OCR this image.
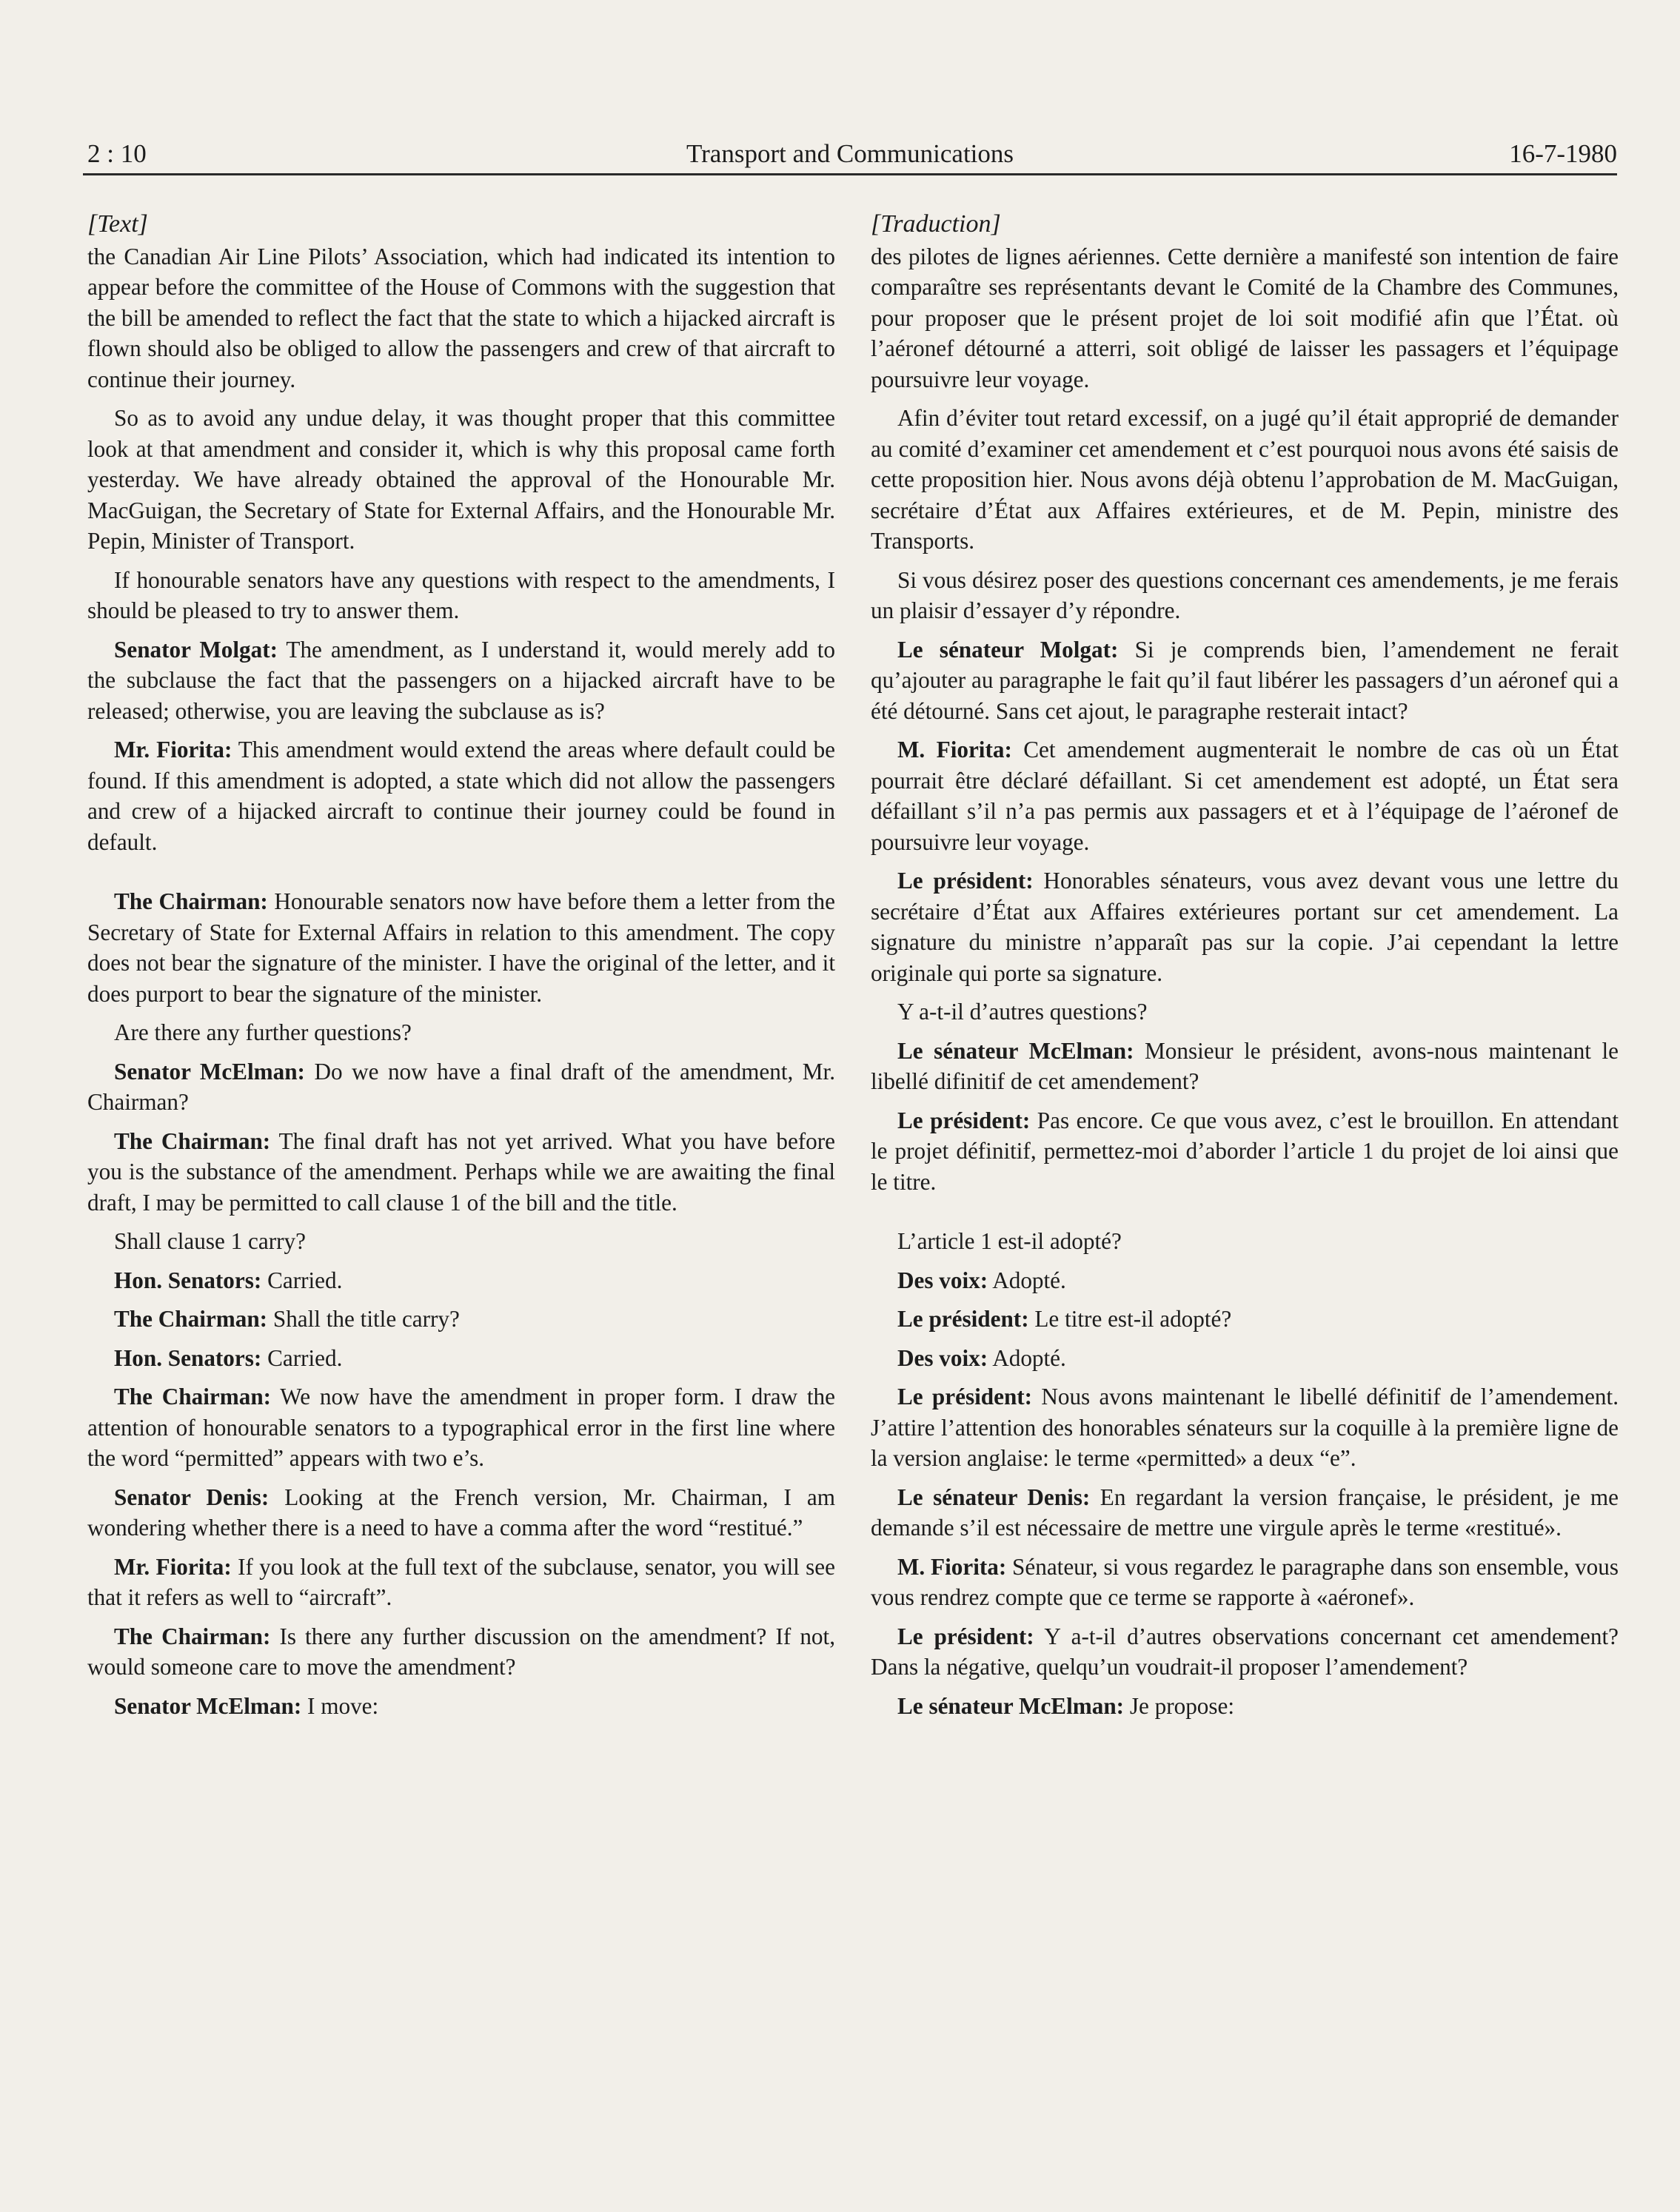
2 : 10	Transport and Communications	16-7-1980
[Text]

the Canadian Air Line Pilots’ Association, which had indicated its intention to appear before the committee of the House of Commons with the suggestion that the bill be amended to reflect the fact that the state to which a hijacked aircraft is flown should also be obliged to allow the passengers and crew of that aircraft to continue their journey.

So as to avoid any undue delay, it was thought proper that this committee look at that amendment and consider it, which is why this proposal came forth yesterday. We have already obtained the approval of the Honourable Mr. MacGuigan, the Secretary of State for External Affairs, and the Honourable Mr. Pepin, Minister of Transport.

If honourable senators have any questions with respect to the amendments, I should be pleased to try to answer them.

Senator Molgat: The amendment, as I understand it, would merely add to the subclause the fact that the passengers on a hijacked aircraft have to be released; otherwise, you are leaving the subclause as is?

Mr. Fiorita: This amendment would extend the areas where default could be found. If this amendment is adopted, a state which did not allow the passengers and crew of a hijacked aircraft to continue their journey could be found in default.

The Chairman: Honourable senators now have before them a letter from the Secretary of State for External Affairs in relation to this amendment. The copy does not bear the signature of the minister. I have the original of the letter, and it does purport to bear the signature of the minister.

Are there any further questions?

Senator McElman: Do we now have a final draft of the amendment, Mr. Chairman?

The Chairman: The final draft has not yet arrived. What you have before you is the substance of the amendment. Perhaps while we are awaiting the final draft, I may be permitted to call clause 1 of the bill and the title.

Shall clause 1 carry?

Hon. Senators: Carried.

The Chairman: Shall the title carry?

Hon. Senators: Carried.

The Chairman: We now have the amendment in proper form. I draw the attention of honourable senators to a typographical error in the first line where the word “permitted” appears with two e’s.

Senator Denis: Looking at the French version, Mr. Chairman, I am wondering whether there is a need to have a comma after the word “restitué.”

Mr. Fiorita: If you look at the full text of the subclause, senator, you will see that it refers as well to “aircraft”.

The Chairman: Is there any further discussion on the amendment? If not, would someone care to move the amendment?

Senator McElman: I move:

[Traduction]

des pilotes de lignes aériennes. Cette dernière a manifesté son intention de faire comparaître ses représentants devant le Comité de la Chambre des Communes, pour proposer que le présent projet de loi soit modifié afin que l’État. où l’aéronef détourné a atterri, soit obligé de laisser les passagers et l’équipage poursuivre leur voyage.

Afin d’éviter tout retard excessif, on a jugé qu’il était approprié de demander au comité d’examiner cet amendement et c’est pourquoi nous avons été saisis de cette proposition hier. Nous avons déjà obtenu l’approbation de M. MacGuigan, secrétaire d’État aux Affaires extérieures, et de M. Pepin, ministre des Transports.

Si vous désirez poser des questions concernant ces amendements, je me ferais un plaisir d’essayer d’y répondre.

Le sénateur Molgat: Si je comprends bien, l’amendement ne ferait qu’ajouter au paragraphe le fait qu’il faut libérer les passagers d’un aéronef qui a été détourné. Sans cet ajout, le paragraphe resterait intact?

M. Fiorita: Cet amendement augmenterait le nombre de cas où un État pourrait être déclaré défaillant. Si cet amendement est adopté, un État sera défaillant s’il n’a pas permis aux passagers et et à l’équipage de l’aéronef de poursuivre leur voyage.

Le président: Honorables sénateurs, vous avez devant vous une lettre du secrétaire d’État aux Affaires extérieures portant sur cet amendement. La signature du ministre n’apparaît pas sur la copie. J’ai cependant la lettre originale qui porte sa signature.

Y a-t-il d’autres questions?

Le sénateur McElman: Monsieur le président, avons-nous maintenant le libellé difinitif de cet amendement?

Le président: Pas encore. Ce que vous avez, c’est le brouillon. En attendant le projet définitif, permettez-moi d’aborder l’article 1 du projet de loi ainsi que le titre.

L’article 1 est-il adopté?

Des voix: Adopté.

Le président: Le titre est-il adopté?

Des voix: Adopté.

Le président: Nous avons maintenant le libellé définitif de l’amendement. J’attire l’attention des honorables sénateurs sur la coquille à la première ligne de la version anglaise: le terme «permitted» a deux “e”.

Le sénateur Denis: En regardant la version française, le président, je me demande s’il est nécessaire de mettre une virgule après le terme «restitué».

M. Fiorita: Sénateur, si vous regardez le paragraphe dans son ensemble, vous vous rendrez compte que ce terme se rapporte à «aéronef».

Le président: Y a-t-il d’autres observations concernant cet amendement? Dans la négative, quelqu’un voudrait-il proposer l’amendement?

Le sénateur McElman: Je propose:
